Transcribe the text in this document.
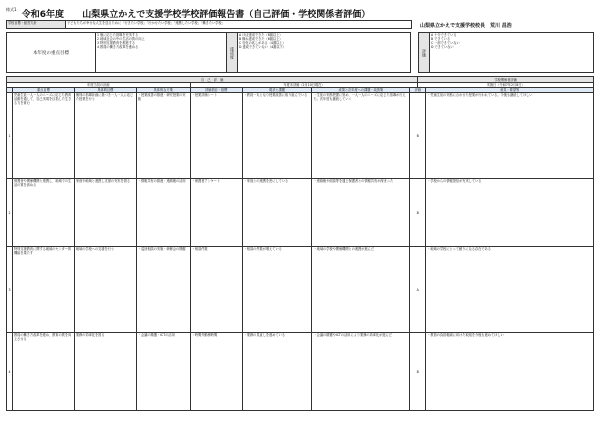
$^{様式1}$ 令和6年度 山梨県立かえで支援学校学校評価報告書（自己評価・学校関係者評価）
学校目標・経営方針	子どもたちが幸せな人生を送るために「行きたい学校」「行かせたい学校」「連携したい学校」「働きたい学校」	山梨県立かえで支援学校校長　荒川 昌浩
本年度の重点目標	
1 個に応じた指導を充実する
2 地域社会の中の生活の質の向上
3 特別支援教育を推進する
4 教員の働き方改革を進める	達成度	
A ほぼ達成できた（8割以上）
B 概ね達成できた（6割以上）
C 変化の兆しがある（4割以上）
D 達成できていない（4割以下）
評価	
A 十分できている
B できている
C 一部できていない
D できていない
自　己　評　価								学校関係者評価	
年度当初の計画				年度末評価（2月10日現在）				実施日（令和7年2月8日）	
	重点目標	具体的目標	具体的な方策	評価項目・指標	現状と課題	成果と次年度への課題・改善策	評価		意見・要望等
1	児童生徒一人一人のニーズに応じた教育活動を通して、自己実現を目指した生きる力を育む	個別の指導計画に基づき一人一人に応じた授業を行う	・授業改善の推進・研究授業の実施	・授業評価シート	・教員一丸となり授業改善に取り組んでいる	・生徒の実態把握に努め、一人一人のニーズに応じた指導が行えた。次年度も継続していく	B		・児童生徒の実態に合わせた授業が行われている。今後も継続してほしい
2	保護者や関係機関と連携し、地域での生活の質を高める	家庭や地域と連携し支援の充実を図る	・情報共有の推進・連絡帳の活用	・保護者アンケート	・家庭との連携を密にしている	・連絡帳や面談等を通じ保護者との情報共有が深まった	B		・学校からの情報発信が充実している
3	特別支援教育に関する地域のセンター的機能を果たす	地域の学校への支援を行う	・巡回相談の実施・研修会の開催	・相談件数	・相談の件数が増えている	・地域の学校や関係機関との連携が進んだ	A		・地域の学校にとって頼りになる存在である
4	教員の働き方改革を進め、教育の質を向上させる	業務の効率化を図る	・会議の精選・ICTの活用	・時間外勤務時間	・業務の見直しを進めている	・会議の精選やICTの活用により業務の効率化が進んだ	B		・教員の負担軽減に向けた取組を今後も進めてほしい
